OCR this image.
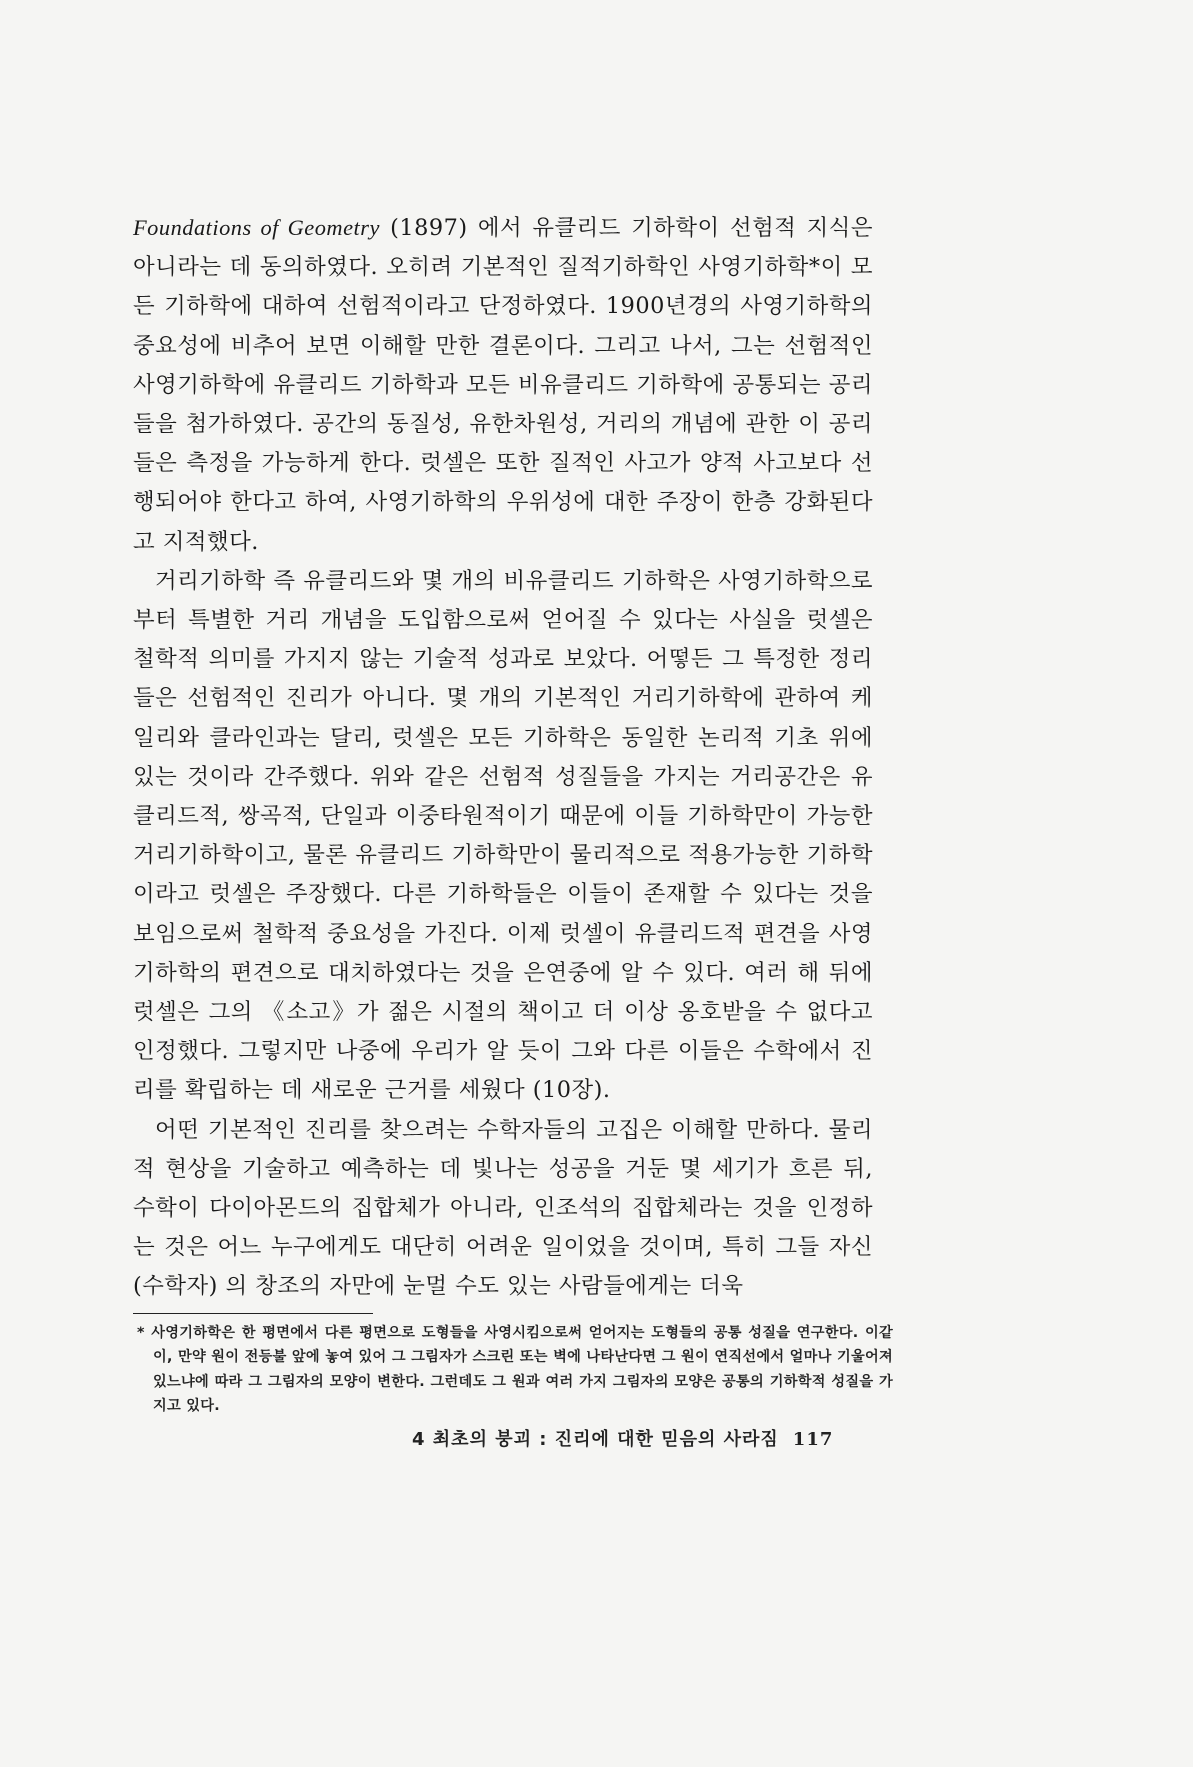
Foundations of Geometry (1897) 에서 유클리드 기하학이 선험적 지식은 아니라는 데 동의하였다. 오히려 기본적인 질적기하학인 사영기하학*이 모든 기하학에 대하여 선험적이라고 단정하였다. 1900년경의 사영기하학의 중요성에 비추어 보면 이해할 만한 결론이다. 그리고 나서, 그는 선험적인 사영기하학에 유클리드 기하학과 모든 비유클리드 기하학에 공통되는 공리들을 첨가하였다. 공간의 동질성, 유한차원성, 거리의 개념에 관한 이 공리들은 측정을 가능하게 한다. 럿셀은 또한 질적인 사고가 양적 사고보다 선행되어야 한다고 하여, 사영기하학의 우위성에 대한 주장이 한층 강화된다고 지적했다.

거리기하학 즉 유클리드와 몇 개의 비유클리드 기하학은 사영기하학으로부터 특별한 거리 개념을 도입함으로써 얻어질 수 있다는 사실을 럿셀은 철학적 의미를 가지지 않는 기술적 성과로 보았다. 어떻든 그 특정한 정리들은 선험적인 진리가 아니다. 몇 개의 기본적인 거리기하학에 관하여 케일리와 클라인과는 달리, 럿셀은 모든 기하학은 동일한 논리적 기초 위에 있는 것이라 간주했다. 위와 같은 선험적 성질들을 가지는 거리공간은 유클리드적, 쌍곡적, 단일과 이중타원적이기 때문에 이들 기하학만이 가능한 거리기하학이고, 물론 유클리드 기하학만이 물리적으로 적용가능한 기하학이라고 럿셀은 주장했다. 다른 기하학들은 이들이 존재할 수 있다는 것을 보임으로써 철학적 중요성을 가진다. 이제 럿셀이 유클리드적 편견을 사영기하학의 편견으로 대치하였다는 것을 은연중에 알 수 있다. 여러 해 뒤에 럿셀은 그의 《소고》가 젊은 시절의 책이고 더 이상 옹호받을 수 없다고 인정했다. 그렇지만 나중에 우리가 알 듯이 그와 다른 이들은 수학에서 진리를 확립하는 데 새로운 근거를 세웠다 (10장).

어떤 기본적인 진리를 찾으려는 수학자들의 고집은 이해할 만하다. 물리적 현상을 기술하고 예측하는 데 빛나는 성공을 거둔 몇 세기가 흐른 뒤, 수학이 다이아몬드의 집합체가 아니라, 인조석의 집합체라는 것을 인정하는 것은 어느 누구에게도 대단히 어려운 일이었을 것이며, 특히 그들 자신 (수학자) 의 창조의 자만에 눈멀 수도 있는 사람들에게는 더욱

* 사영기하학은 한 평면에서 다른 평면으로 도형들을 사영시킴으로써 얻어지는 도형들의 공통 성질을 연구한다. 이같이, 만약 원이 전등불 앞에 놓여 있어 그 그림자가 스크린 또는 벽에 나타난다면 그 원이 연직선에서 얼마나 기울어져 있느냐에 따라 그 그림자의 모양이 변한다. 그런데도 그 원과 여러 가지 그림자의 모양은 공통의 기하학적 성질을 가지고 있다.
4 최초의 붕괴 : 진리에 대한 믿음의 사라짐 117
